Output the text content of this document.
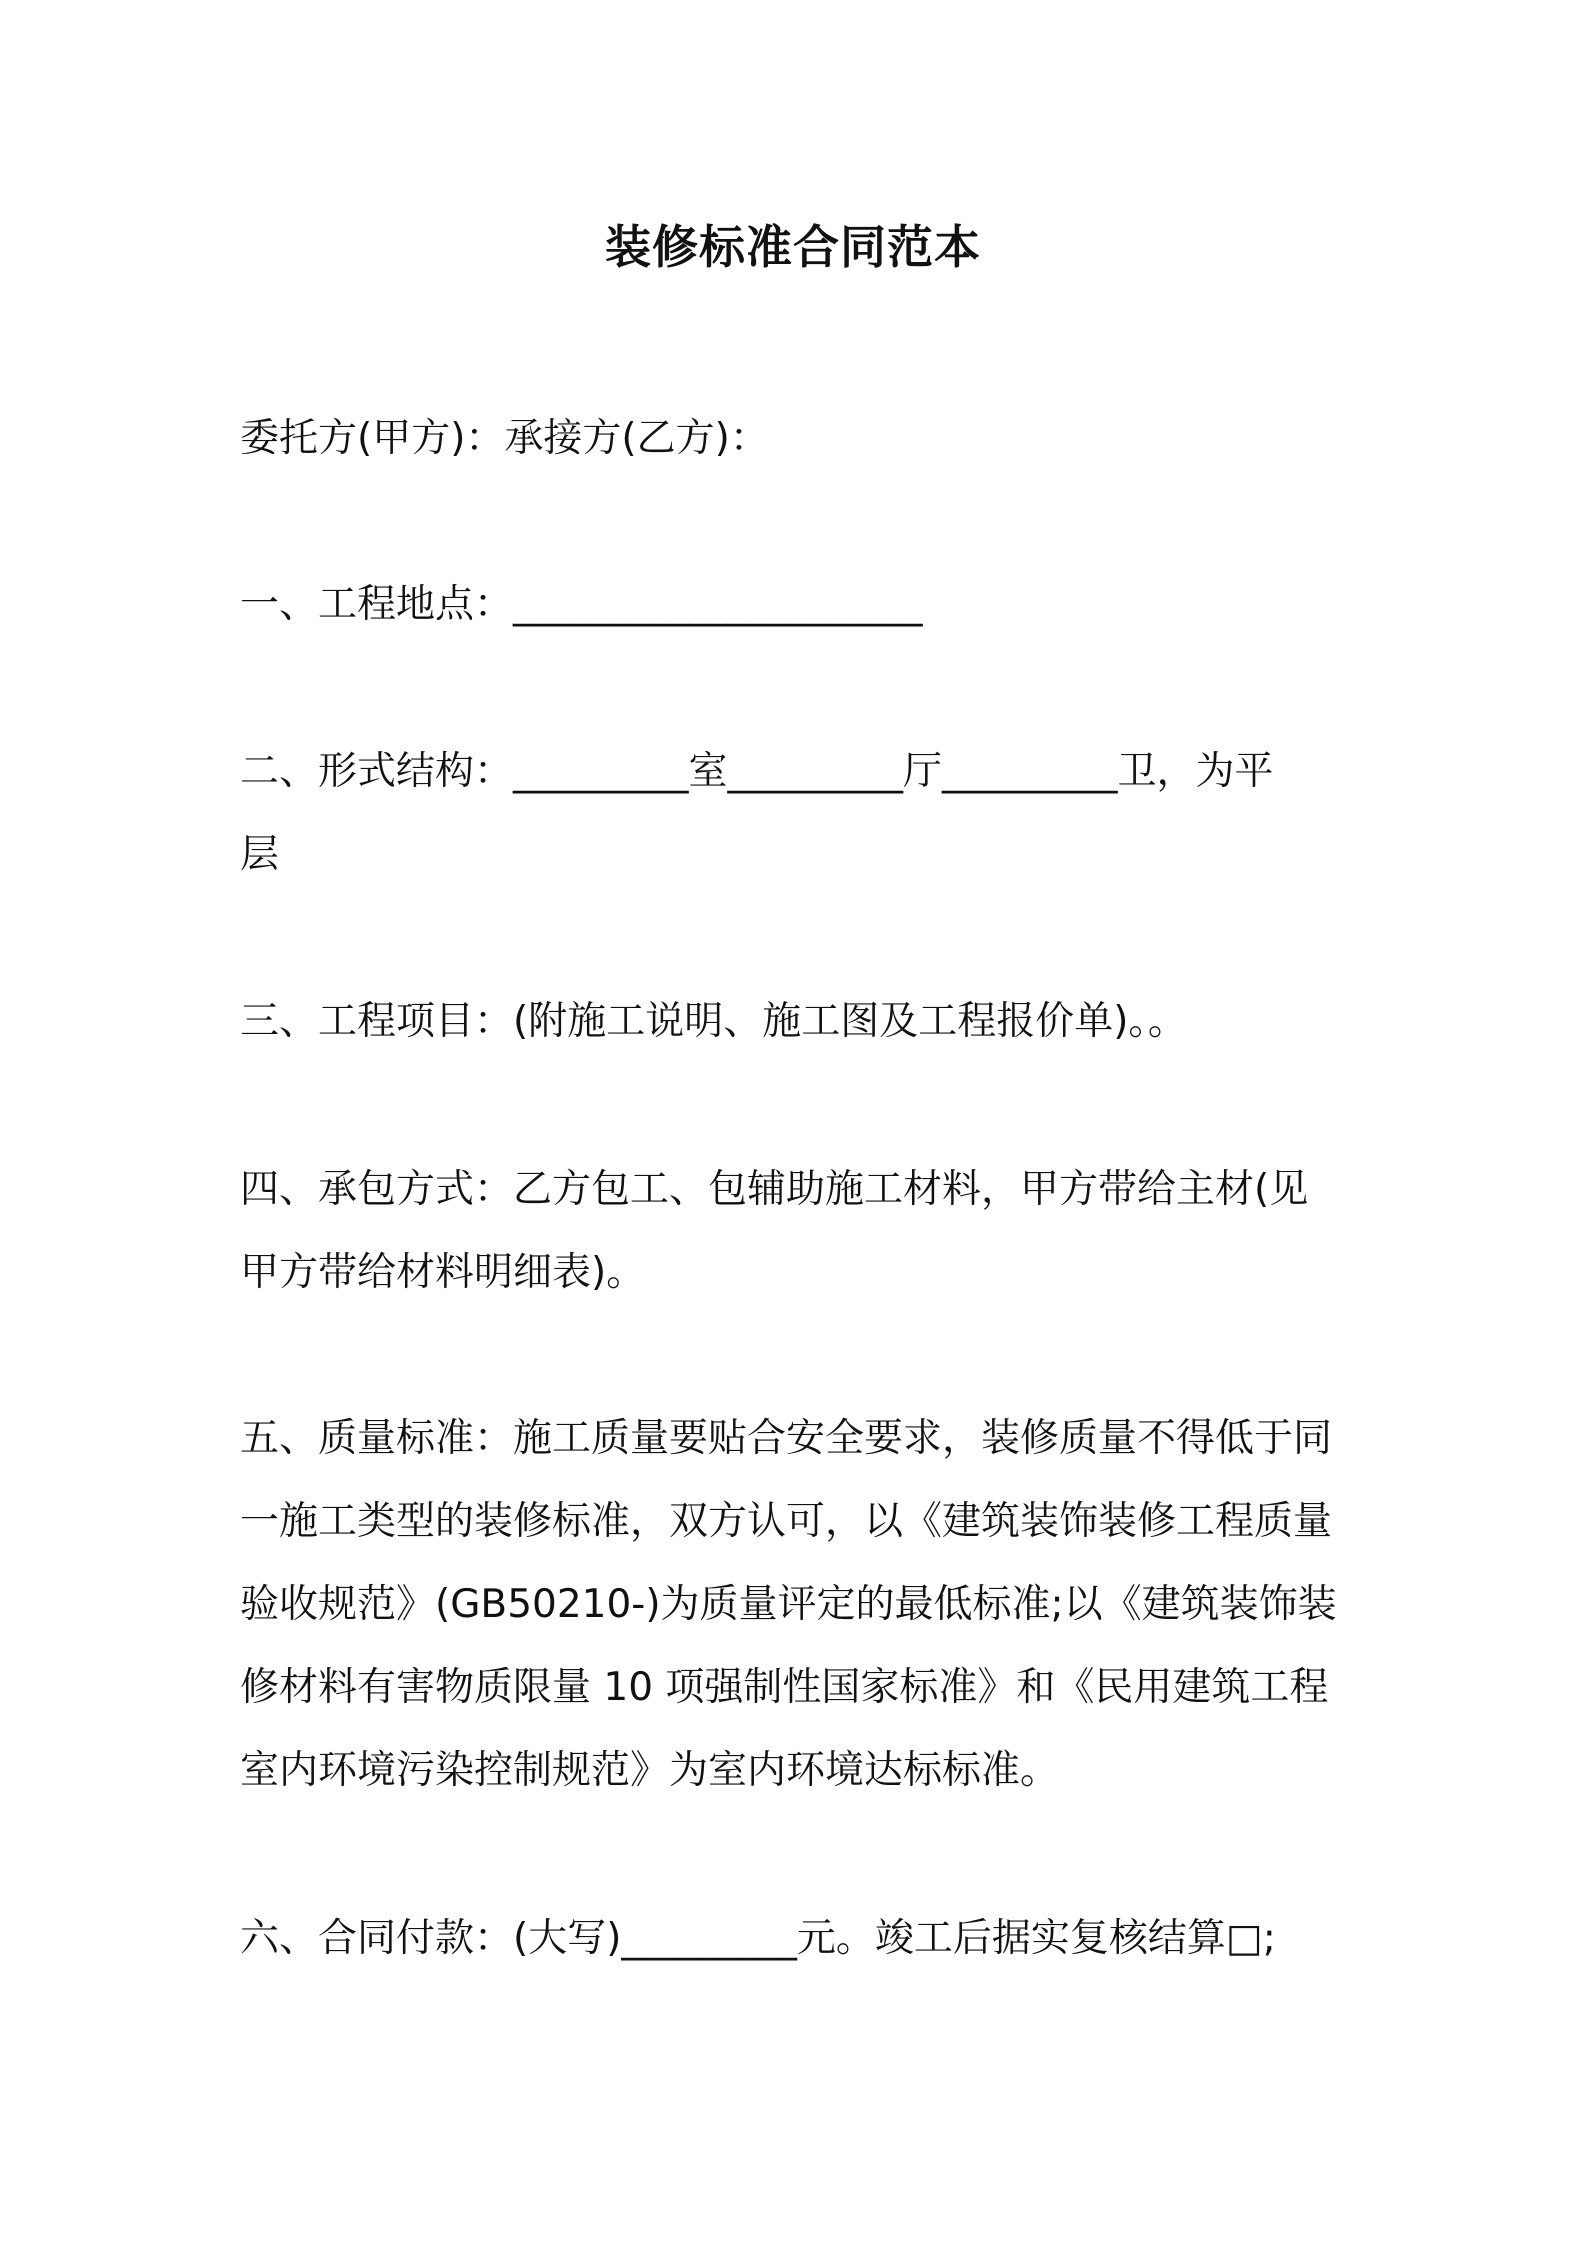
装修标准合同范本
委托方(甲方)：承接方(乙方)：
一、工程地点：_____________________
二、形式结构：_________室_________厅_________卫，为平
层
三、工程项目：(附施工说明、施工图及工程报价单)。。
四、承包方式：乙方包工、包辅助施工材料，甲方带给主材(见
甲方带给材料明细表)。
五、质量标准：施工质量要贴合安全要求，装修质量不得低于同
一施工类型的装修标准，双方认可，以《建筑装饰装修工程质量
验收规范》(GB50210-)为质量评定的最低标准;以《建筑装饰装
修材料有害物质限量 10 项强制性国家标准》和《民用建筑工程
室内环境污染控制规范》为室内环境达标标准。
六、合同付款：(大写)_________元。竣工后据实复核结算□;
